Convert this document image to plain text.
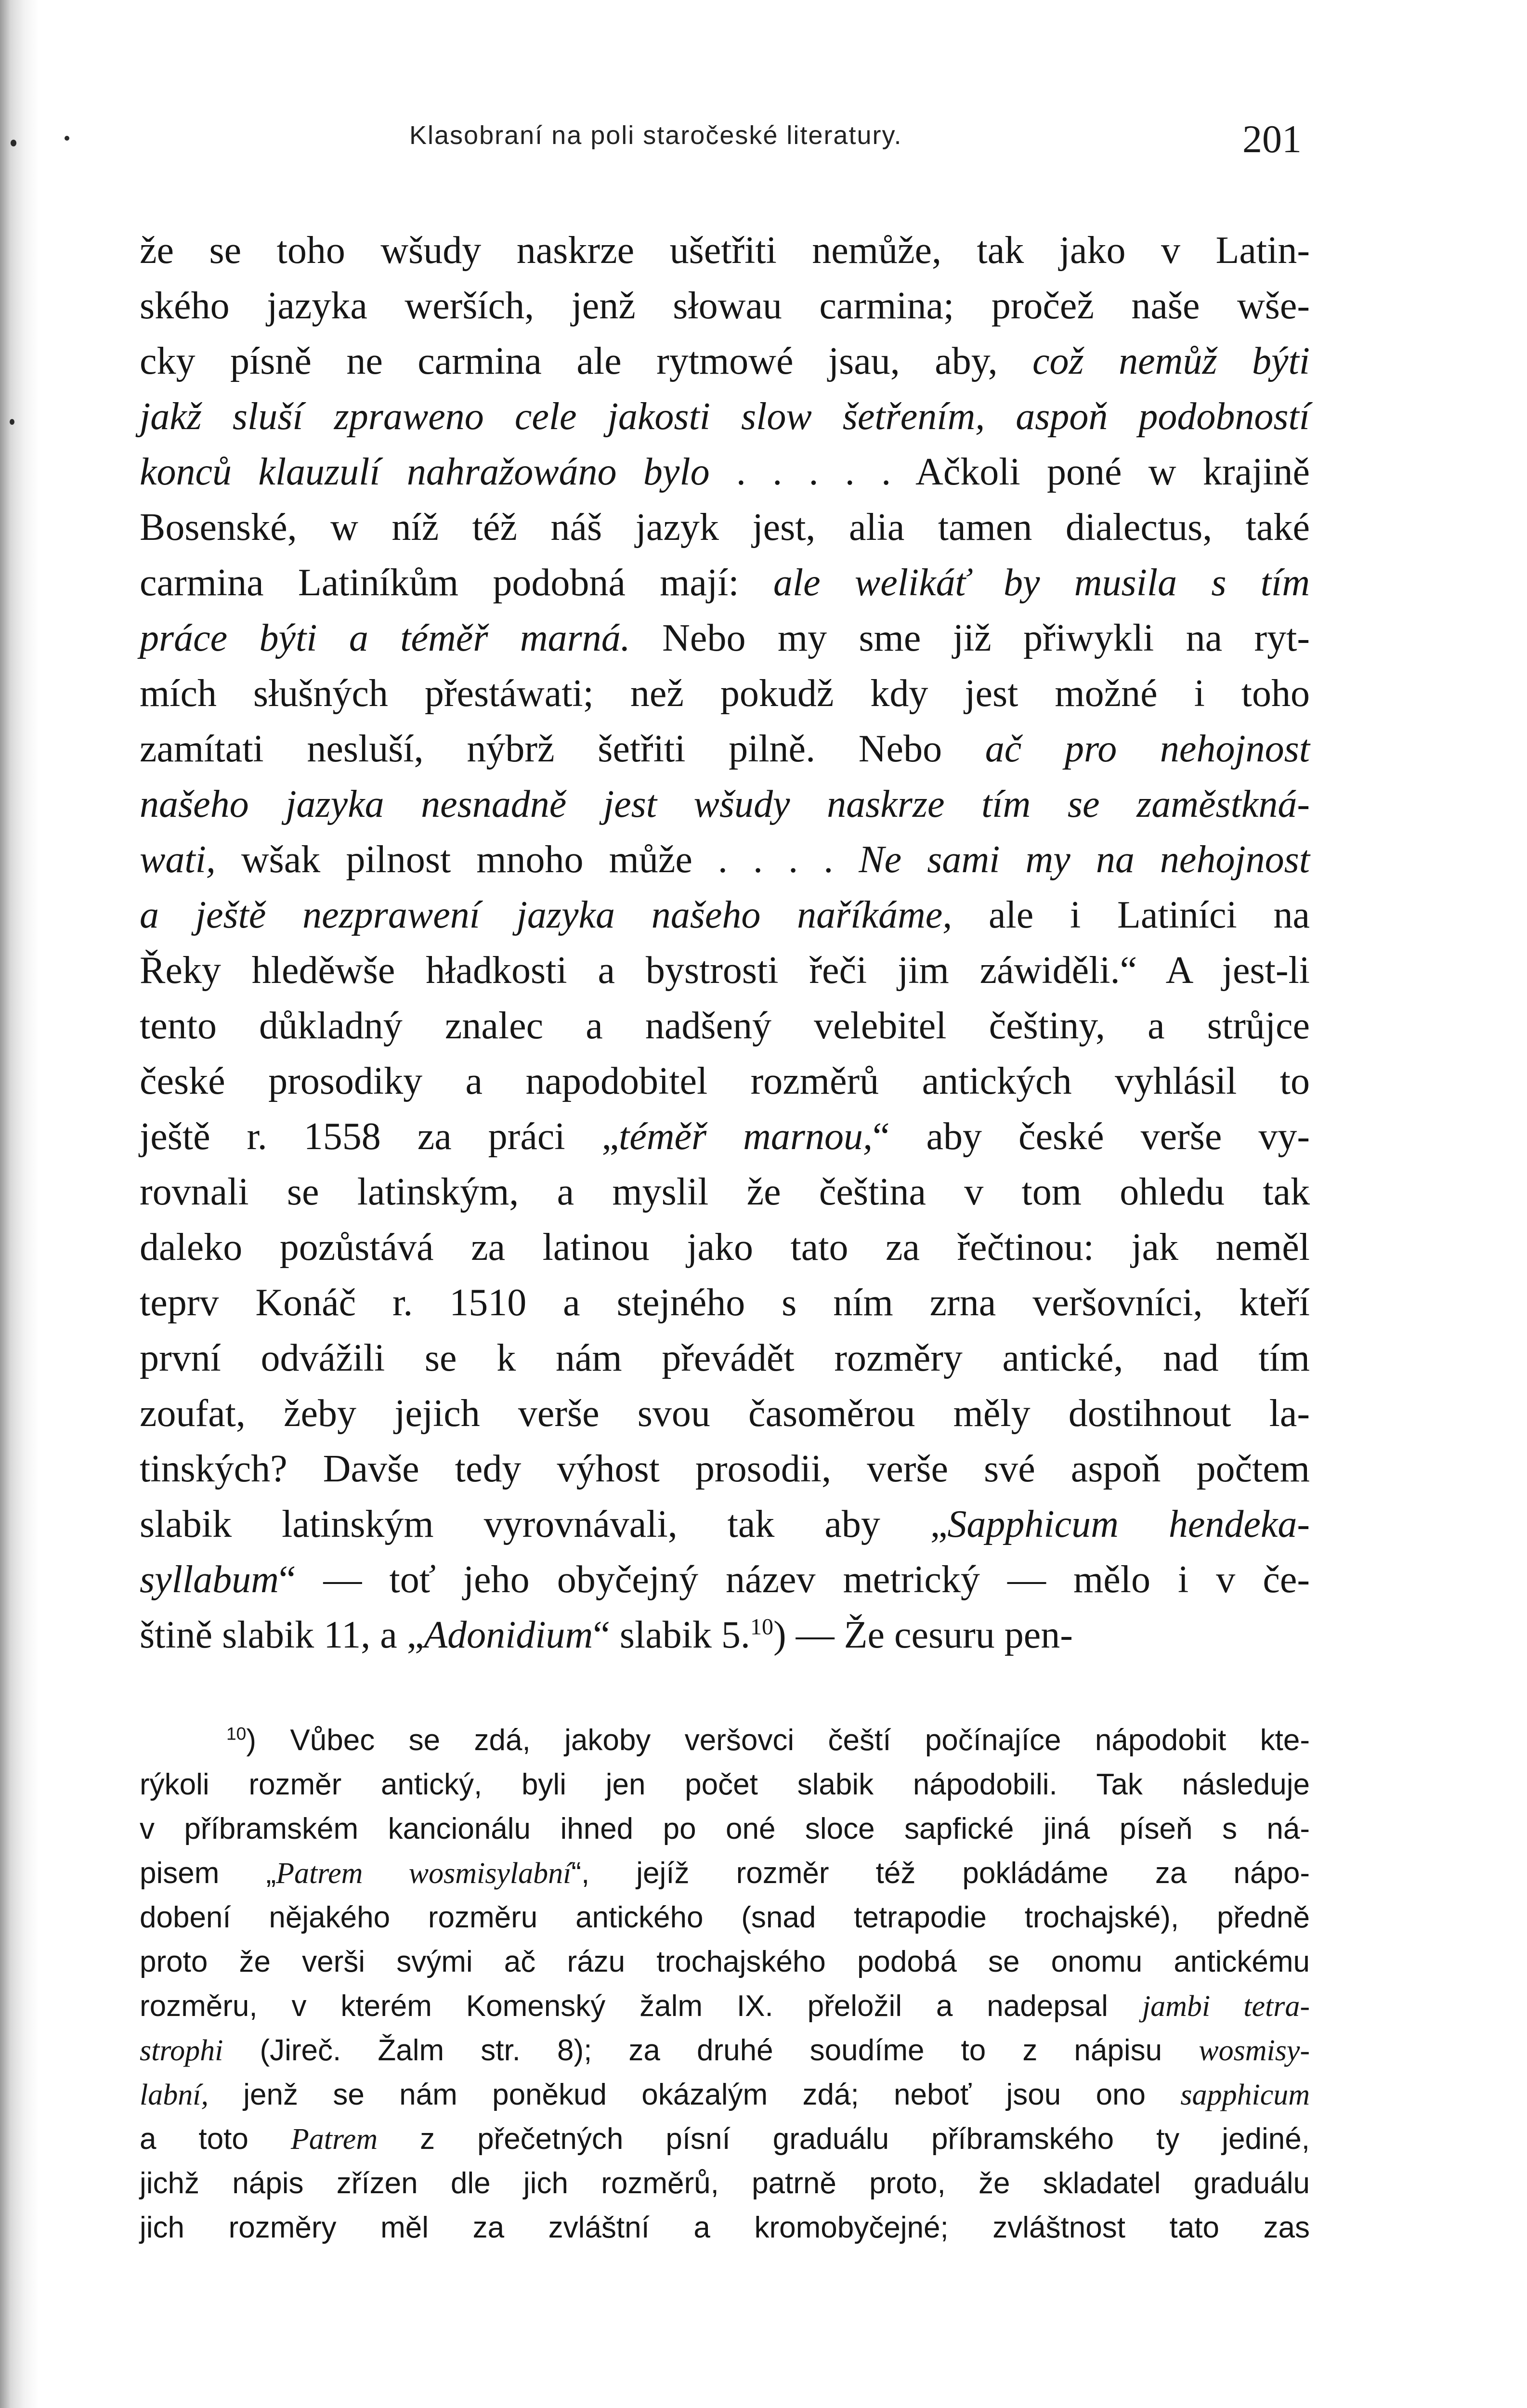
Klasobraní na poli staročeské literatury.	201
že se toho wšudy naskrze ušetřiti nemůže, tak jako v Latin-
ského jazyka werších, jenž słowau carmina; pročež naše wše-
cky písně ne carmina ale rytmowé jsau, aby, což nemůž býti
jakž sluší zprawenо cele jakosti slow šetřením, aspoň podobností
konců klauzulí nahražowáno bylo . . . . . Ačkoli poné w krajině
Bosenské, w níž též náš jazyk jest, alia tamen dialectus, také
carmina Latiníkům podobná mají: ale welikáť by musila s tím
práce býti a téměř marná. Nebo my sme již přiwykli na ryt-
mích słušných přestáwati; než pokudž kdy jest možné i toho
zamítati nesluší, nýbrž šetřiti pilně. Nebo ač pro nehojnost
našeho jazyka nesnadně jest wšudy naskrze tím se zaměstkná-
wati, wšak pilnost mnoho může . . . . Ne sami my na nehojnost
a ještě nezprawení jazyka našeho naříkáme, ale i Latiníci na
Řeky hleděwše hładkosti a bystrosti řeči jim záwiděli.“ A jest-li
tento důkladný znalec a nadšený velebitel češtiny, a strůjce
české prosodiky a napodobitel rozměrů antických vyhlásil to
ještě r. 1558 za práci „téměř marnou,“ aby české verše vy-
rovnali se latinským, a myslil že čeština v tom ohledu tak
daleko pozůstává za latinou jako tato za řečtinou: jak neměl
teprv Konáč r. 1510 a stejného s ním zrna veršovníci, kteří
první odvážili se k nám převádět rozměry antické, nad tím
zoufat, žeby jejich verše svou časoměrou měly dostihnout la-
tinských? Davše tedy výhost prosodii, verše své aspoň počtem
slabik latinským vyrovnávali, tak aby „Sapphicum hendeka-
syllabum“ — toť jeho obyčejný název metrický — mělo i v če-
štině slabik 11, a „Adonidium“ slabik 5.10) — Že cesuru pen-
$^{10}$) Vůbec se zdá, jakoby veršovci čeští počínajíce nápodobit kte-
rýkoli rozměr antický, byli jen počet slabik nápodobili. Tak následuje
v příbramském kancionálu ihned po oné sloce sapfické jiná píseň s ná-
pisem „Patrem wosmisylabní“, jejíž rozměr též pokládáme za nápo-
dobení nějakého rozměru antického (snad tetrapodie trochajské), předně
proto že verši svými ač rázu trochajského podobá se onomu antickému
rozměru, v kterém Komenský žalm IX. přeložil a nadepsal jambi tetra-
strophi (Jireč. Žalm str. 8); za druhé soudíme to z nápisu wosmisy-
labní, jenž se nám poněkud okázalým zdá; neboť jsou ono sapphicum
a toto Patrem z přečetných písní graduálu příbramského ty jediné,
jichž nápis zřízen dle jich rozměrů, patrně proto, že skladatel graduálu
jich rozměry měl za zvláštní a kromobyčejné; zvláštnost tato zas
